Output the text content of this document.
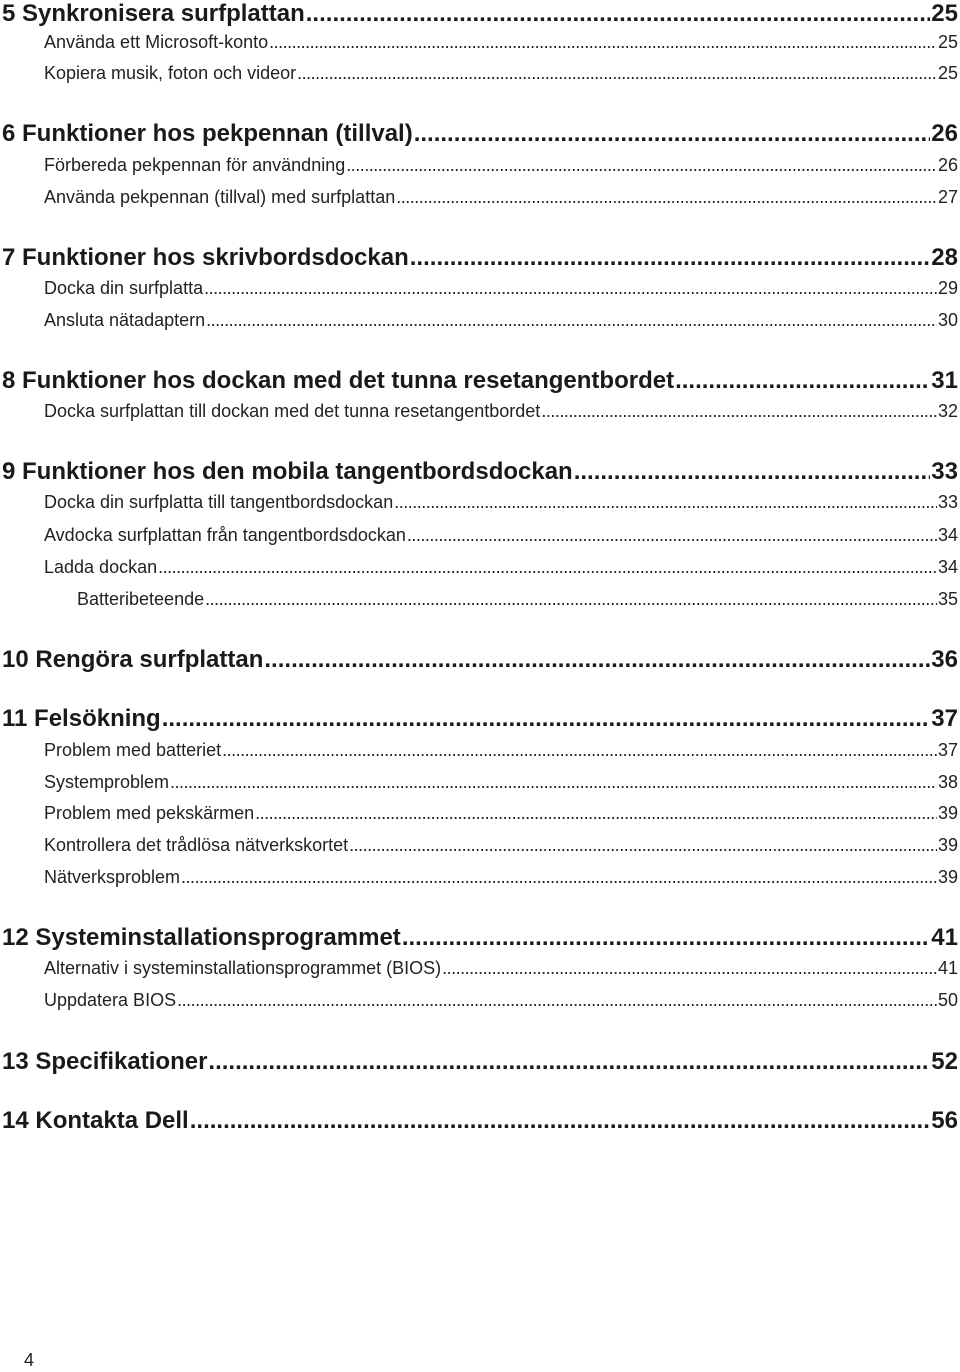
5 Synkronisera surfplattan .....	25
Använda ett Microsoft-konto .....	25
Kopiera musik, foton och videor .....	25
6 Funktioner hos pekpennan (tillval) .....	26
Förbereda pekpennan för användning .....	26
Använda pekpennan (tillval) med surfplattan .....	27
7 Funktioner hos skrivbordsdockan .....	28
Docka din surfplatta .....	29
Ansluta nätadaptern .....	30
8 Funktioner hos dockan med det tunna resetangentbordet .....	31
Docka surfplattan till dockan med det tunna resetangentbordet .....	32
9 Funktioner hos den mobila tangentbordsdockan .....	33
Docka din surfplatta till tangentbordsdockan .....	33
Avdocka surfplattan från tangentbordsdockan .....	34
Ladda dockan .....	34
Batteribeteende .....	35
10 Rengöra surfplattan .....	36
11 Felsökning .....	37
Problem med batteriet .....	37
Systemproblem .....	38
Problem med pekskärmen .....	39
Kontrollera det trådlösa nätverkskortet .....	39
Nätverksproblem .....	39
12 Systeminstallationsprogrammet .....	41
Alternativ i systeminstallationsprogrammet (BIOS) .....	41
Uppdatera BIOS .....	50
13 Specifikationer .....	52
14 Kontakta Dell .....	56
4
